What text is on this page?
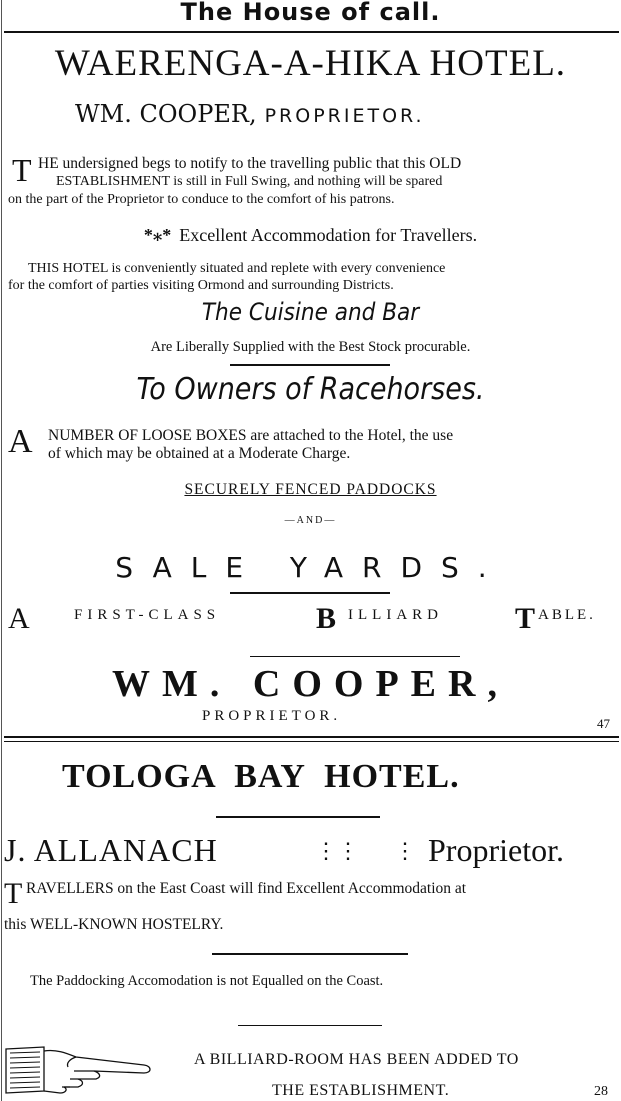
The House of call.
WAERENGA-A-HIKA HOTEL.
WM. COOPER, PROPRIETOR.
T HE undersigned begs to notify to the travelling public that this OLD
ESTABLISHMENT is still in Full Swing, and nothing will be spared
on the part of the Proprietor to conduce to the comfort of his patrons.
*⁎* Excellent Accommodation for Travellers.
THIS HOTEL is conveniently situated and replete with every convenience
for the comfort of parties visiting Ormond and surrounding Districts.
The Cuisine and Bar
Are Liberally Supplied with the Best Stock procurable.
To Owners of Racehorses.
A NUMBER OF LOOSE BOXES are attached to the Hotel, the use
of which may be obtained at a Moderate Charge.
SECURELY FENCED PADDOCKS
—AND—
SALE YARDS.
A	FIRST-CLASS	B ILLIARD T ABLE.
WM. COOPER,
PROPRIETOR.	47
TOLOGA BAY HOTEL.
J. ALLANACH	⋮⋮ ⋮ Proprietor.
T RAVELLERS on the East Coast will find Excellent Accommodation at
this WELL-KNOWN HOSTELRY.
The Paddocking Accomodation is not Equalled on the Coast.
A BILLIARD-ROOM HAS BEEN ADDED TO
THE ESTABLISHMENT.	28
